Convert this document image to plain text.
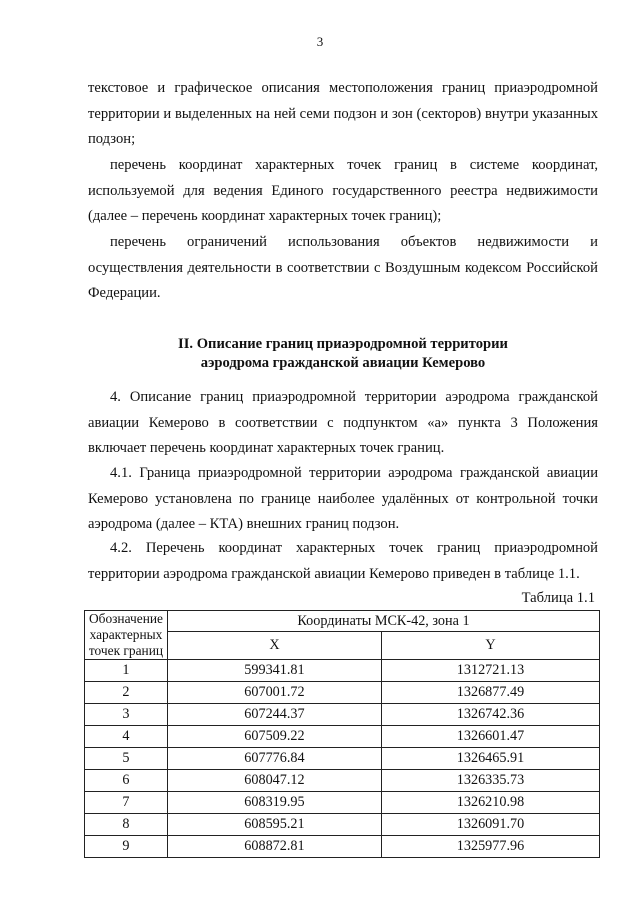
3

текстовое и графическое описания местоположения границ приаэродромной территории и выделенных на ней семи подзон и зон (секторов) внутри указанных подзон;

перечень координат характерных точек границ в системе координат, используемой для ведения Единого государственного реестра недвижимости (далее – перечень координат характерных точек границ);

перечень ограничений использования объектов недвижимости и осуществления деятельности в соответствии с Воздушным кодексом Российской Федерации.

II. Описание границ приаэродромной территории
аэродрома гражданской авиации Кемерово

4. Описание границ приаэродромной территории аэродрома гражданской авиации Кемерово в соответствии с подпунктом «а» пункта 3 Положения включает перечень координат характерных точек границ.

4.1. Граница приаэродромной территории аэродрома гражданской авиации Кемерово установлена по границе наиболее удалённых от контрольной точки аэродрома (далее – КТА) внешних границ подзон.

4.2. Перечень координат характерных точек границ приаэродромной территории аэродрома гражданской авиации Кемерово приведен в таблице 1.1.

Таблица 1.1
Обозначение
характерных
точек границ	Координаты МСК-42, зона 1	
	X	Y
1	599341.81	1312721.13
2	607001.72	1326877.49
3	607244.37	1326742.36
4	607509.22	1326601.47
5	607776.84	1326465.91
6	608047.12	1326335.73
7	608319.95	1326210.98
8	608595.21	1326091.70
9	608872.81	1325977.96
